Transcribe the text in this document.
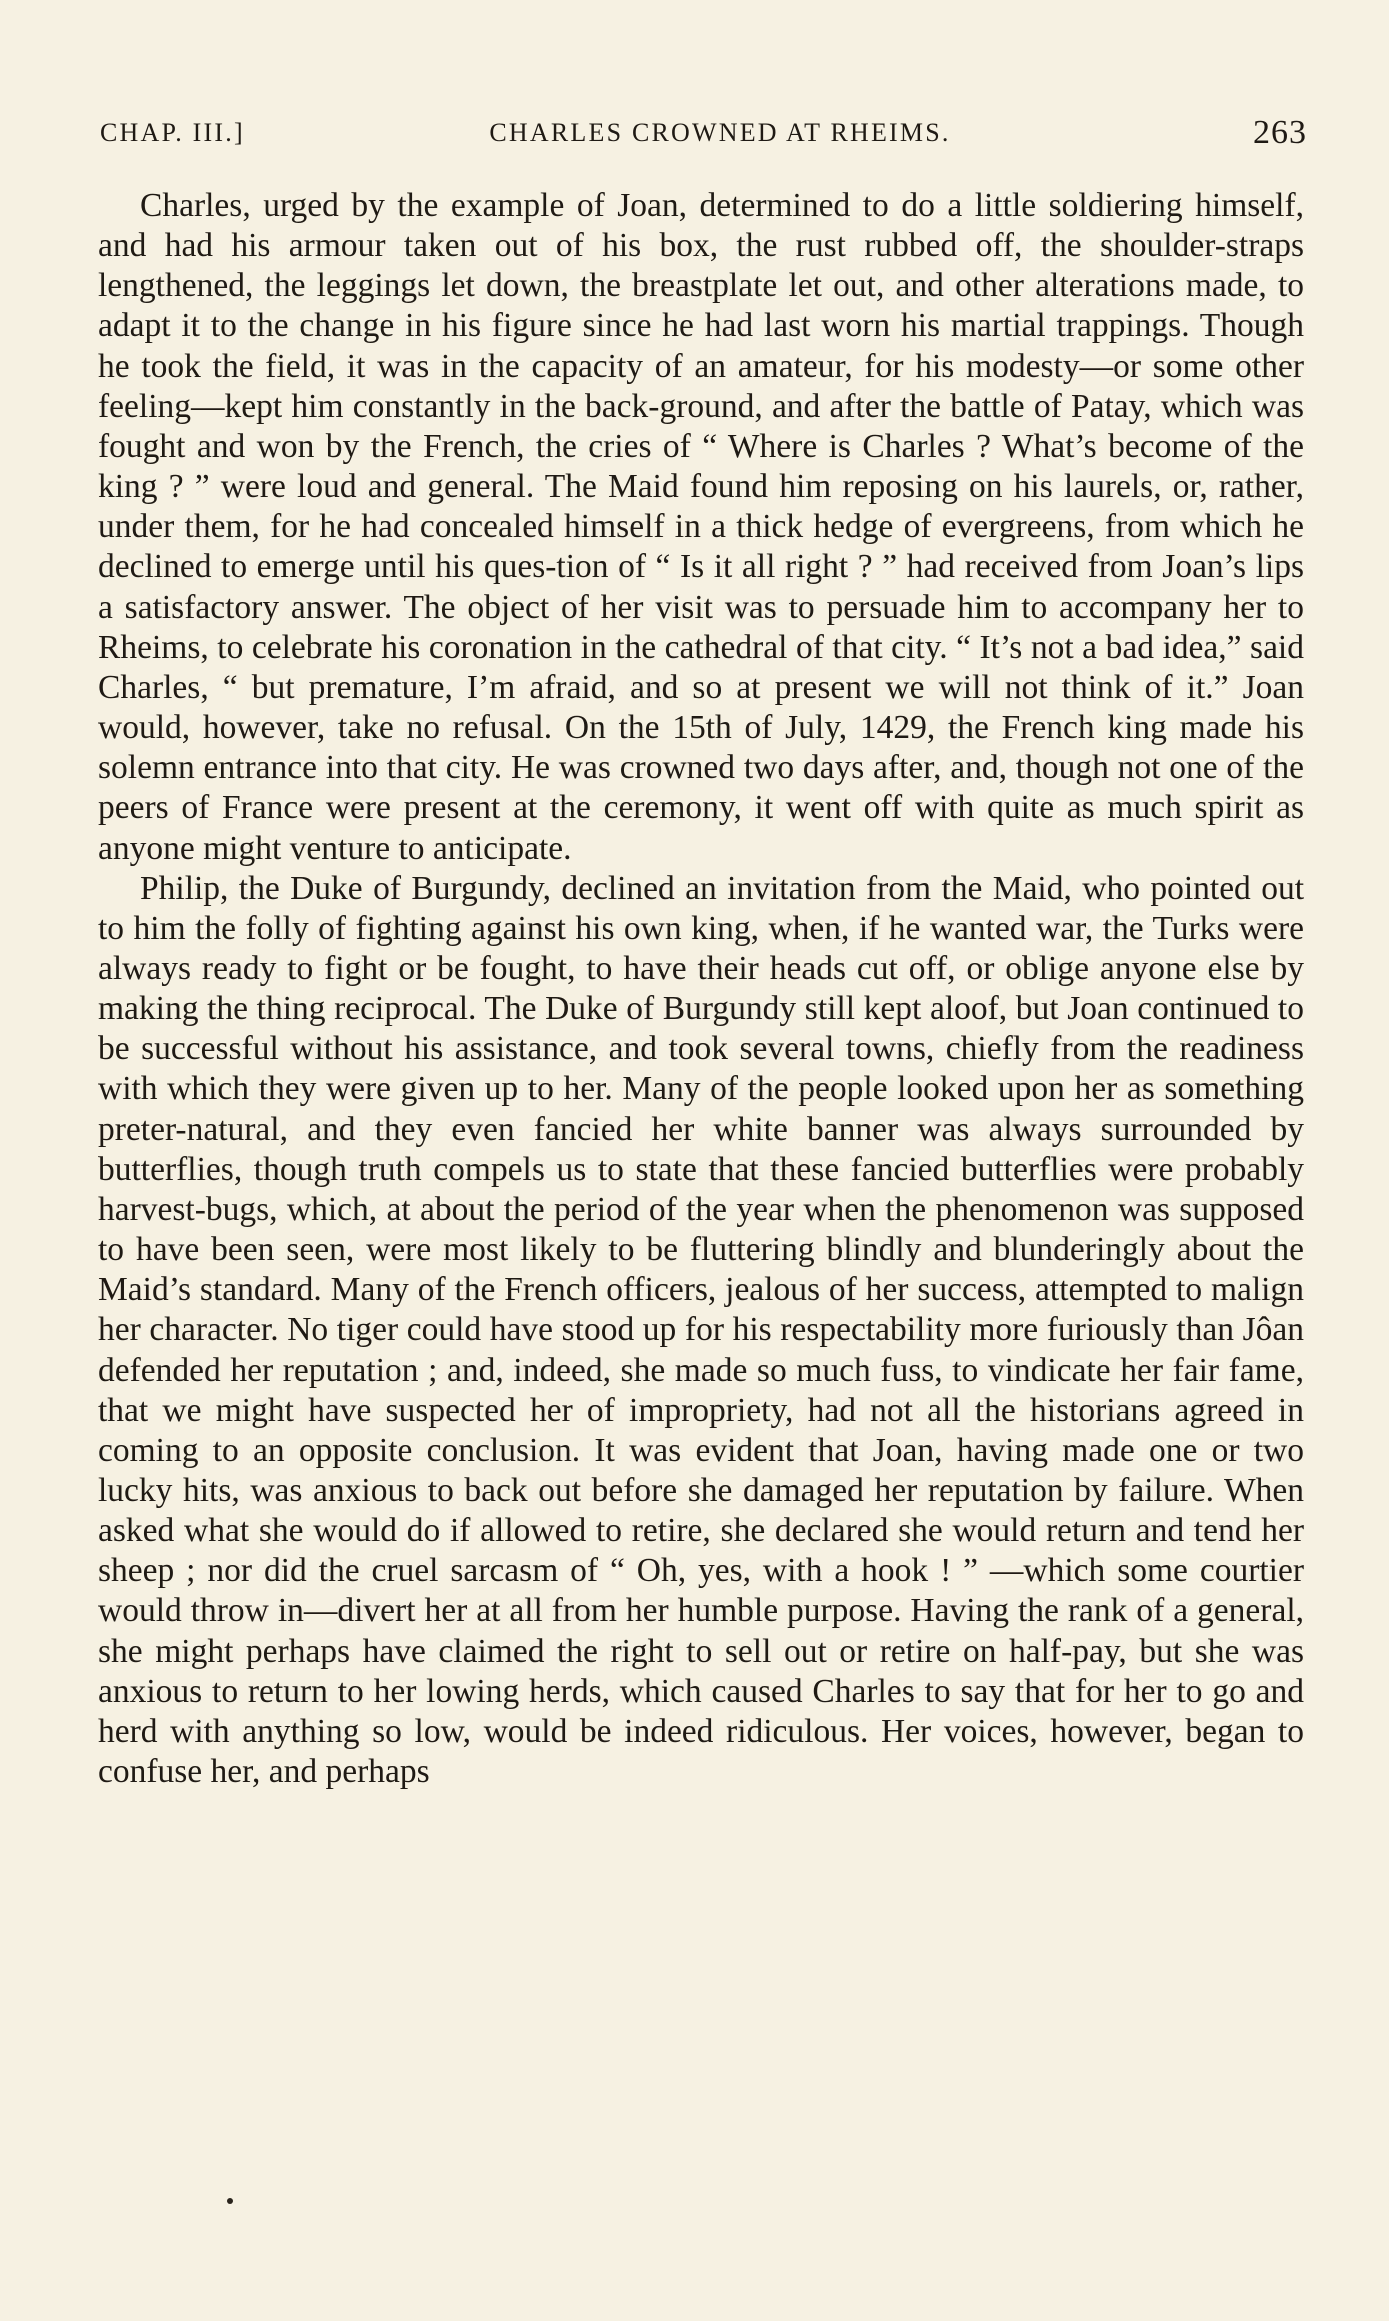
CHAP. III.]	CHARLES CROWNED AT RHEIMS.	263

Charles, urged by the example of Joan, determined to do a little soldiering himself, and had his armour taken out of his box, the rust rubbed off, the shoulder-straps lengthened, the leggings let down, the breastplate let out, and other alterations made, to adapt it to the change in his figure since he had last worn his martial trappings. Though he took the field, it was in the capacity of an amateur, for his modesty—or some other feeling—kept him constantly in the back-ground, and after the battle of Patay, which was fought and won by the French, the cries of “ Where is Charles ? What’s become of the king ? ” were loud and general. The Maid found him reposing on his laurels, or, rather, under them, for he had concealed himself in a thick hedge of evergreens, from which he declined to emerge until his ques-tion of “ Is it all right ? ” had received from Joan’s lips a satisfactory answer. The object of her visit was to persuade him to accompany her to Rheims, to celebrate his coronation in the cathedral of that city. “ It’s not a bad idea,” said Charles, “ but premature, I’m afraid, and so at present we will not think of it.” Joan would, however, take no refusal. On the 15th of July, 1429, the French king made his solemn entrance into that city. He was crowned two days after, and, though not one of the peers of France were present at the ceremony, it went off with quite as much spirit as anyone might venture to anticipate.

Philip, the Duke of Burgundy, declined an invitation from the Maid, who pointed out to him the folly of fighting against his own king, when, if he wanted war, the Turks were always ready to fight or be fought, to have their heads cut off, or oblige anyone else by making the thing reciprocal. The Duke of Burgundy still kept aloof, but Joan continued to be successful without his assistance, and took several towns, chiefly from the readiness with which they were given up to her. Many of the people looked upon her as something preter-natural, and they even fancied her white banner was always surrounded by butterflies, though truth compels us to state that these fancied butterflies were probably harvest-bugs, which, at about the period of the year when the phenomenon was supposed to have been seen, were most likely to be fluttering blindly and blunderingly about the Maid’s standard. Many of the French officers, jealous of her success, attempted to malign her character. No tiger could have stood up for his respectability more furiously than Jôan defended her reputation ; and, indeed, she made so much fuss, to vindicate her fair fame, that we might have suspected her of impropriety, had not all the historians agreed in coming to an opposite conclusion. It was evident that Joan, having made one or two lucky hits, was anxious to back out before she damaged her reputation by failure. When asked what she would do if allowed to retire, she declared she would return and tend her sheep ; nor did the cruel sarcasm of “ Oh, yes, with a hook ! ” —which some courtier would throw in—divert her at all from her humble purpose. Having the rank of a general, she might perhaps have claimed the right to sell out or retire on half-pay, but she was anxious to return to her lowing herds, which caused Charles to say that for her to go and herd with anything so low, would be indeed ridiculous. Her voices, however, began to confuse her, and perhaps
